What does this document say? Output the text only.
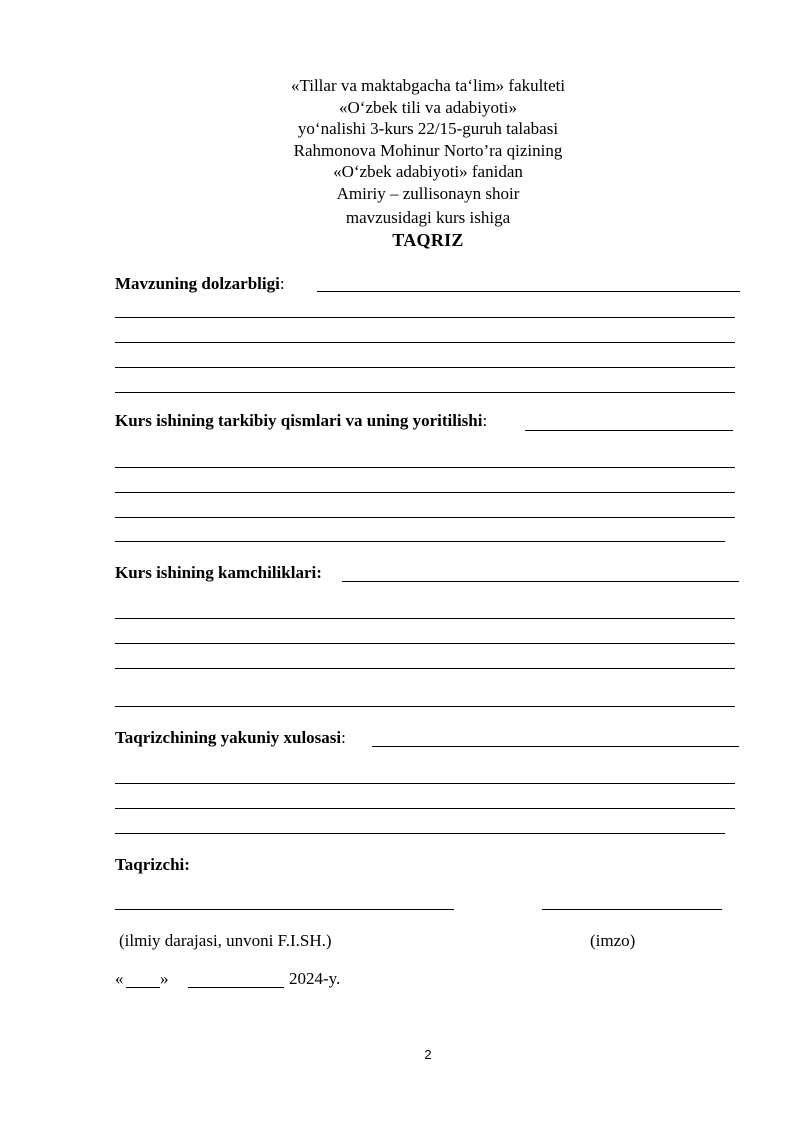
«Tillar va maktabgacha ta‘lim» fakulteti
«O‘zbek tili va adabiyoti»
yo‘nalishi 3-kurs 22/15-guruh talabasi
Rahmonova Mohinur Norto’ra qizining
«O‘zbek adabiyoti» fanidan
Amiriy – zullisonayn shoir
mavzusidagi kurs ishiga
TAQRIZ
Mavzuning dolzarbligi:
Kurs ishining tarkibiy qismlari va uning yoritilishi:
Kurs ishining kamchiliklari:
Taqrizchining yakuniy xulosasi:
Taqrizchi:
(ilmiy darajasi, unvoni F.I.SH.)	(imzo)
« »	2024-y.
2
